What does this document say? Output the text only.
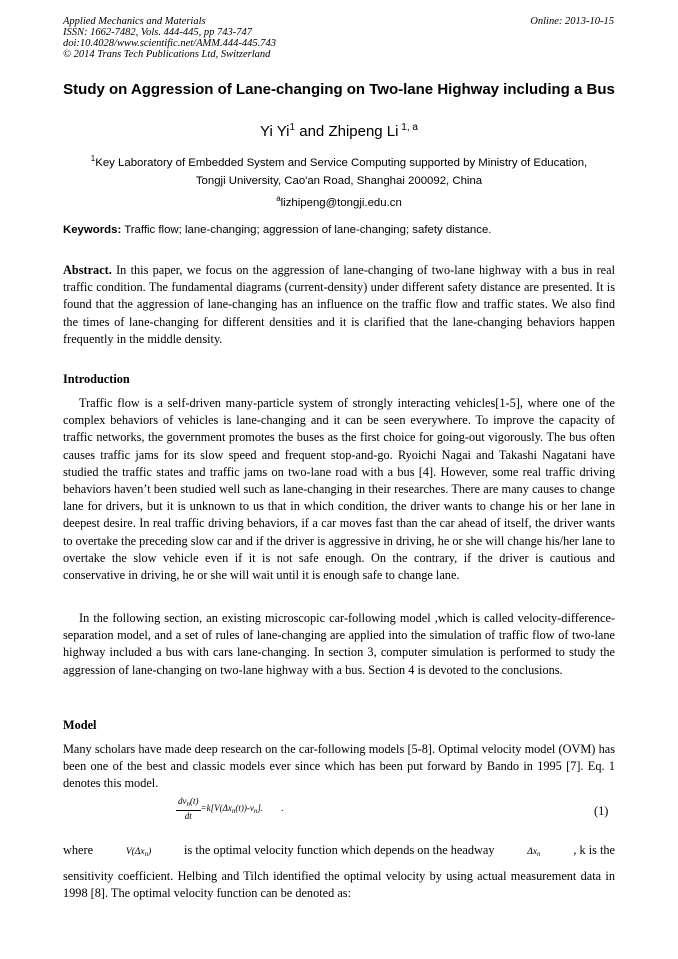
Applied Mechanics and Materials
ISSN: 1662-7482, Vols. 444-445, pp 743-747
doi:10.4028/www.scientific.net/AMM.444-445.743
© 2014 Trans Tech Publications Ltd, Switzerland
Online: 2013-10-15
Study on Aggression of Lane-changing on Two-lane Highway including a Bus
Yi Yi$^1$ and Zhipeng Li $^{1, a}$
$^1$Key Laboratory of Embedded System and Service Computing supported by Ministry of Education,
Tongji University, Cao'an Road, Shanghai 200092, China
$^a$lizhipeng@tongji.edu.cn
Keywords: Traffic flow; lane-changing; aggression of lane-changing; safety distance.

Abstract. In this paper, we focus on the aggression of lane-changing of two-lane highway with a bus in real traffic condition. The fundamental diagrams (current-density) under different safety distance are presented. It is found that the aggression of lane-changing has an influence on the traffic flow and traffic states. We also find the times of lane-changing for different densities and it is clarified that the lane-changing behaviors happen frequently in the middle density.

Introduction

Traffic flow is a self-driven many-particle system of strongly interacting vehicles[1-5], where one of the complex behaviors of vehicles is lane-changing and it can be seen everywhere. To improve the capacity of traffic networks, the government promotes the buses as the first choice for going-out vigorously. The bus often causes traffic jams for its slow speed and frequent stop-and-go. Ryoichi Nagai and Takashi Nagatani have studied the traffic states and traffic jams on two-lane road with a bus [4]. However, some real traffic driving behaviors haven’t been studied well such as lane-changing in their researches. There are many causes to change lane for drivers, but it is unknown to us that in which condition, the driver wants to change his or her lane in deepest desire. In real traffic driving behaviors, if a car moves fast than the car ahead of itself, the driver wants to overtake the preceding slow car and if the driver is aggressive in driving, he or she will change his/her lane to overtake the slow vehicle even if it is not safe enough. On the contrary, if the driver is cautious and conservative in driving, he or she will wait until it is enough safe to change lane.

In the following section, an existing microscopic car-following model ,which is called velocity-difference-separation model, and a set of rules of lane-changing are applied into the simulation of traffic flow of two-lane highway included a bus with cars lane-changing. In section 3, computer simulation is performed to study the aggression of lane-changing on two-lane highway with a bus. Section 4 is devoted to the conclusions.

Model

Many scholars have made deep research on the car-following models [5-8]. Optimal velocity model (OVM) has been one of the best and classic models ever since which has been put forward by Bando in 1995 [7]. Eq. 1 denotes this model.

$\frac{dv_n(t)}{dt} =k[V(\Delta x_n(t))-v_n]$. .	(1)
where	$V(\Delta x_n)$	is the optimal velocity function which depends on the headway	$\Delta x_n$	, k is the

sensitivity coefficient. Helbing and Tilch identified the optimal velocity by using actual measurement data in 1998 [8]. The optimal velocity function can be denoted as:
